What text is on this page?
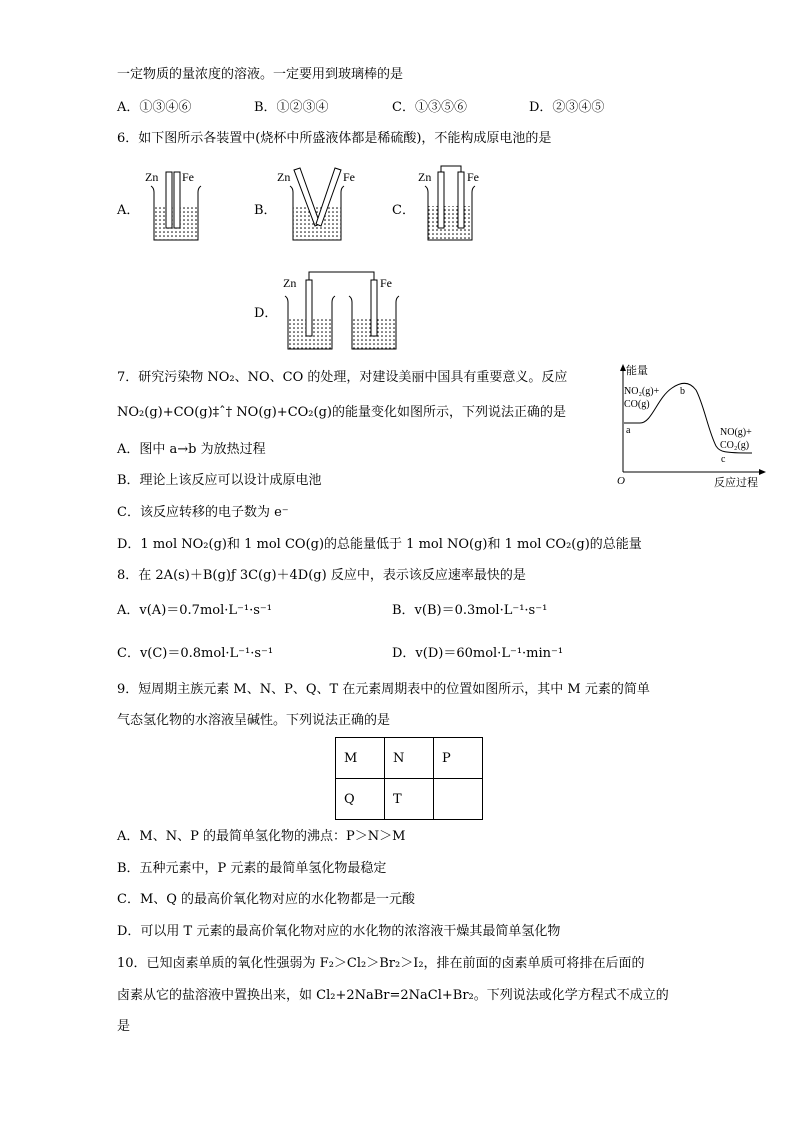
一定物质的量浓度的溶液。一定要用到玻璃棒的是
A．①③④⑥	B．①②③④	C．①③⑤⑥	D．②③④⑤
6．如下图所示各装置中(烧杯中所盛液体都是稀硫酸)，不能构成原电池的是
A．	B．	C．
D．
Zn Fe	Zn	Fe	Zn	Fe
Zn	Fe
7．研究污染物 NO₂、NO、CO 的处理，对建设美丽中国具有重要意义。反应
NO₂(g)+CO(g)‡ˆ† NO(g)+CO₂(g)的能量变化如图所示，下列说法正确的是
A．图中 a→b 为放热过程
B．理论上该反应可以设计成原电池
C．该反应转移的电子数为 e⁻
D．1 mol NO₂(g)和 1 mol CO(g)的总能量低于 1 mol NO(g)和 1 mol CO₂(g)的总能量
能量
反应过程
O
NO₂(g)+
CO(g)
NO(g)+
CO₂(g)
a
b
c
8．在 2A(s)＋B(g)ƒ 3C(g)＋4D(g) 反应中，表示该反应速率最快的是
A．v(A)＝0.7mol·L⁻¹·s⁻¹	B．v(B)＝0.3mol·L⁻¹·s⁻¹
C．v(C)＝0.8mol·L⁻¹·s⁻¹	D．v(D)＝60mol·L⁻¹·min⁻¹
9．短周期主族元素 M、N、P、Q、T 在元素周期表中的位置如图所示，其中 M 元素的简单
气态氢化物的水溶液呈碱性。下列说法正确的是
M	N	P
Q	T	
A．M、N、P 的最简单氢化物的沸点：P＞N＞M
B．五种元素中，P 元素的最简单氢化物最稳定
C．M、Q 的最高价氧化物对应的水化物都是一元酸
D．可以用 T 元素的最高价氧化物对应的水化物的浓溶液干燥其最简单氢化物
10．已知卤素单质的氧化性强弱为 F₂＞Cl₂＞Br₂＞I₂，排在前面的卤素单质可将排在后面的
卤素从它的盐溶液中置换出来，如 Cl₂+2NaBr=2NaCl+Br₂。下列说法或化学方程式不成立的
是
